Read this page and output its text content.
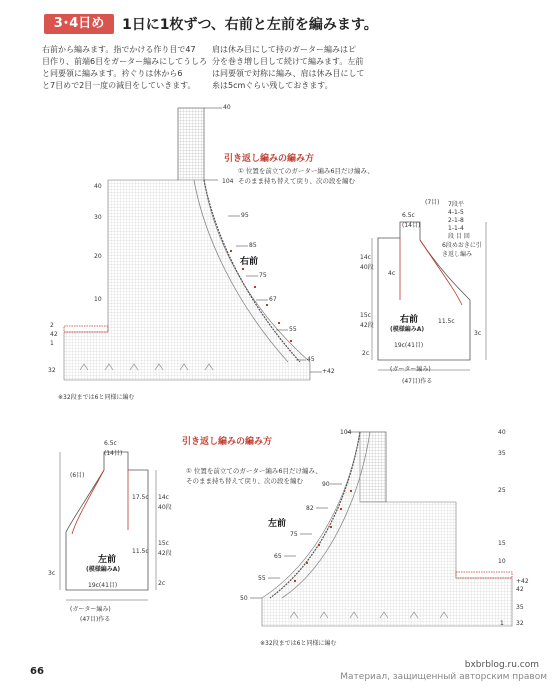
3･4日め	1日に1枚ずつ、右前と左前を編みます。
右前から編みます。指でかける作り目で47
目作り、前端6目をガーター編みにしてうしろと同要領に編みます。衿ぐりは休から6
と7目めで2目一度の減目をしていきます。
肩は休み目にして持のガーター編みはピ
分を巻き増し目して続けて編みます。左前
は同要領で対称に編み、肩は休み目にして
糸は5cmぐらい残しておきます。
引き返し編みの編み方
① 位置を前立てのガーター編み6目だけ編み、
そのまま持ち替えて戻り、次の段を編む
右前
※32段までは6と同様に編む
40
104
30	95
85
20
75
67
10
55
2
42
1
45
32	+42
40
6.5c
(14目)
(7目)
14c
40段
4c
15c
42段
11.5c
2c
3c
右前
(模様編みA)
19c(41目)
(ガーター編み)
(47目)作る
7段平
4-1-5
2-1-8
1-1-4
段 目 回
6段めおきに引き返し編み
6.5c
(14目)
(6目)
14c
40段
17.5c
15c
42段
11.5c
2c
3c
左前
(模様編みA)
19c(41目)
(ガーター編み)
(47目)作る
引き返し編みの編み方
① 位置を前立てのガーター編み6目だけ編み、
そのまま持ち替えて戻り、次の段を編む
左前
※32段までは6と同様に編む
104	40
35
90
25
82
75
15
65
55
10
50
+42
42
35
32
1
66
bxbrblog.ru.com
Материал, защищенный авторским правом
